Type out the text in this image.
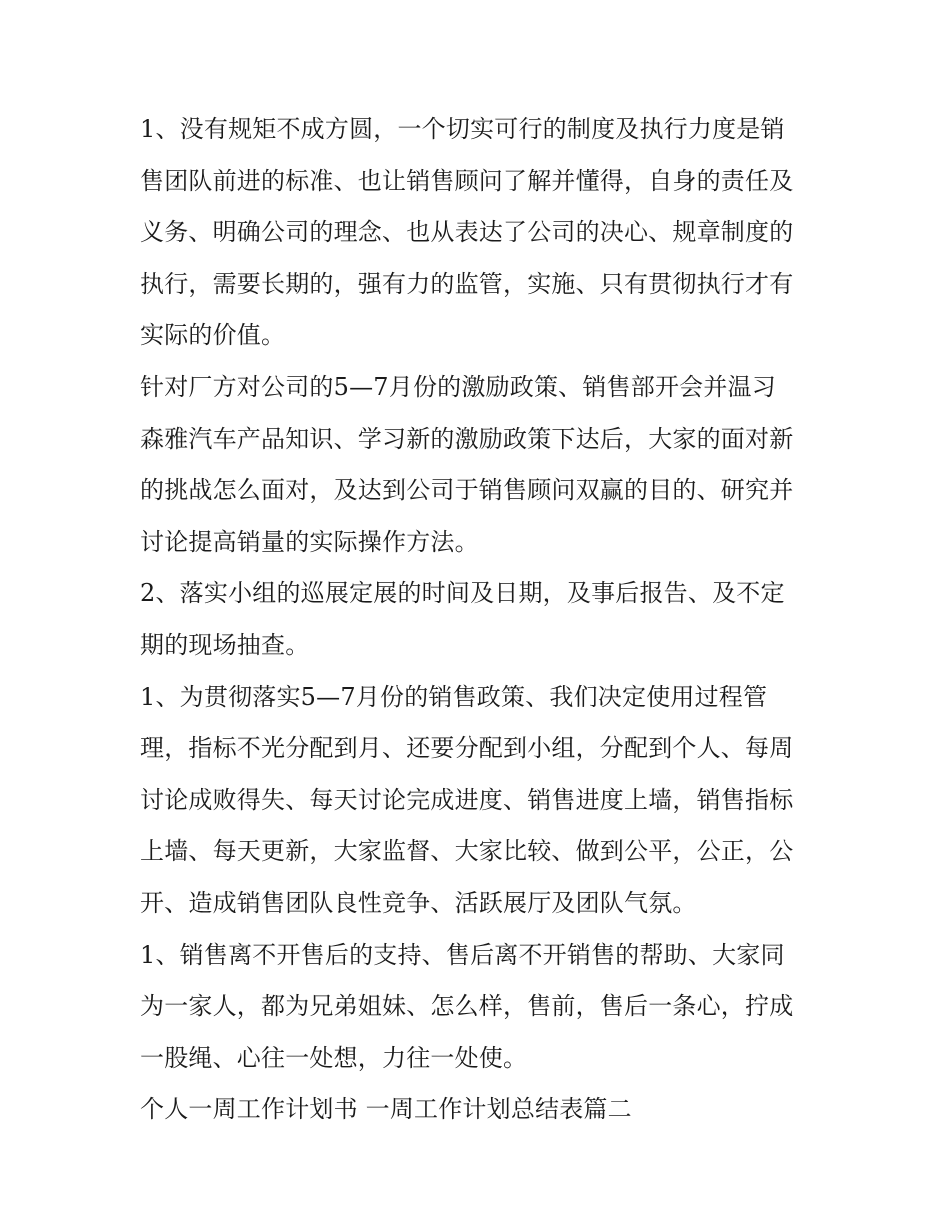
1、没有规矩不成方圆，一个切实可行的制度及执行力度是销
售团队前进的标准、也让销售顾问了解并懂得，自身的责任及
义务、明确公司的理念、也从表达了公司的决心、规章制度的
执行，需要长期的，强有力的监管，实施、只有贯彻执行才有
实际的价值。
针对厂方对公司的5—7月份的激励政策、销售部开会并温习
森雅汽车产品知识、学习新的激励政策下达后，大家的面对新
的挑战怎么面对，及达到公司于销售顾问双赢的目的、研究并
讨论提高销量的实际操作方法。
2、落实小组的巡展定展的时间及日期，及事后报告、及不定
期的现场抽查。
1、为贯彻落实5—7月份的销售政策、我们决定使用过程管
理，指标不光分配到月、还要分配到小组，分配到个人、每周
讨论成败得失、每天讨论完成进度、销售进度上墙，销售指标
上墙、每天更新，大家监督、大家比较、做到公平，公正，公
开、造成销售团队良性竞争、活跃展厅及团队气氛。
1、销售离不开售后的支持、售后离不开销售的帮助、大家同
为一家人，都为兄弟姐妹、怎么样，售前，售后一条心，拧成
一股绳、心往一处想，力往一处使。
个人一周工作计划书 一周工作计划总结表篇二
